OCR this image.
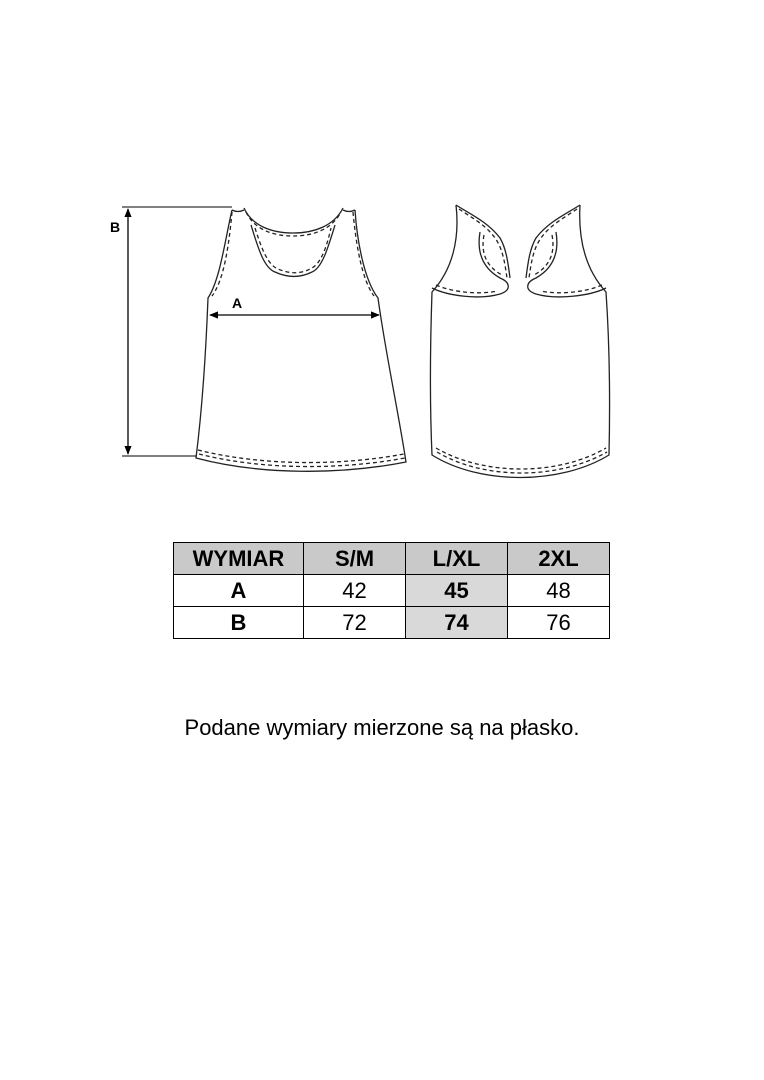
A
B
WYMIAR	S/M	L/XL	2XL
A	42	45	48
B	72	74	76
Podane wymiary mierzone są na płasko.
